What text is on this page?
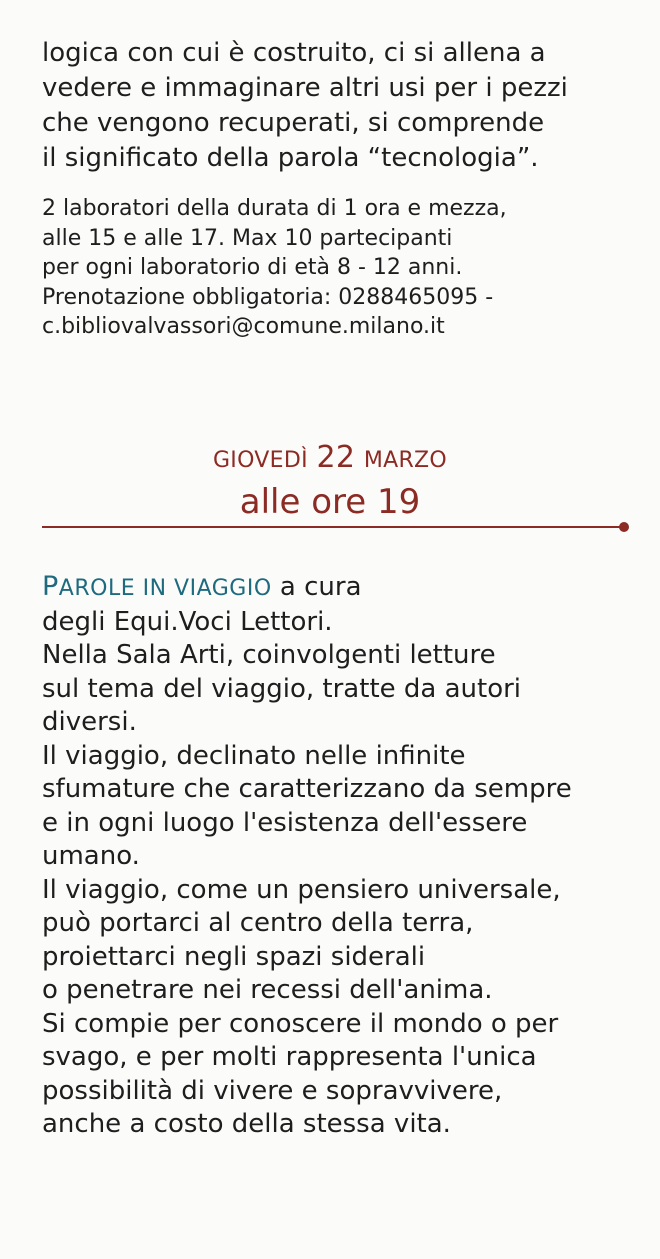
logica con cui è costruito, ci si allena a
vedere e immaginare altri usi per i pezzi
che vengono recuperati, si comprende
il significato della parola “tecnologia”.
2 laboratori della durata di 1 ora e mezza,
alle 15 e alle 17. Max 10 partecipanti
per ogni laboratorio di età 8 - 12 anni.
Prenotazione obbligatoria: 0288465095 -
c.bibliovalvassori@comune.milano.it
GIOVEDÌ 22 MARZO
alle ore 19
PAROLE IN VIAGGIO a cura
degli Equi.Voci Lettori.
Nella Sala Arti, coinvolgenti letture
sul tema del viaggio, tratte da autori
diversi.
Il viaggio, declinato nelle infinite
sfumature che caratterizzano da sempre
e in ogni luogo l'esistenza dell'essere
umano.
Il viaggio, come un pensiero universale,
può portarci al centro della terra,
proiettarci negli spazi siderali
o penetrare nei recessi dell'anima.
Si compie per conoscere il mondo o per
svago, e per molti rappresenta l'unica
possibilità di vivere e sopravvivere,
anche a costo della stessa vita.
